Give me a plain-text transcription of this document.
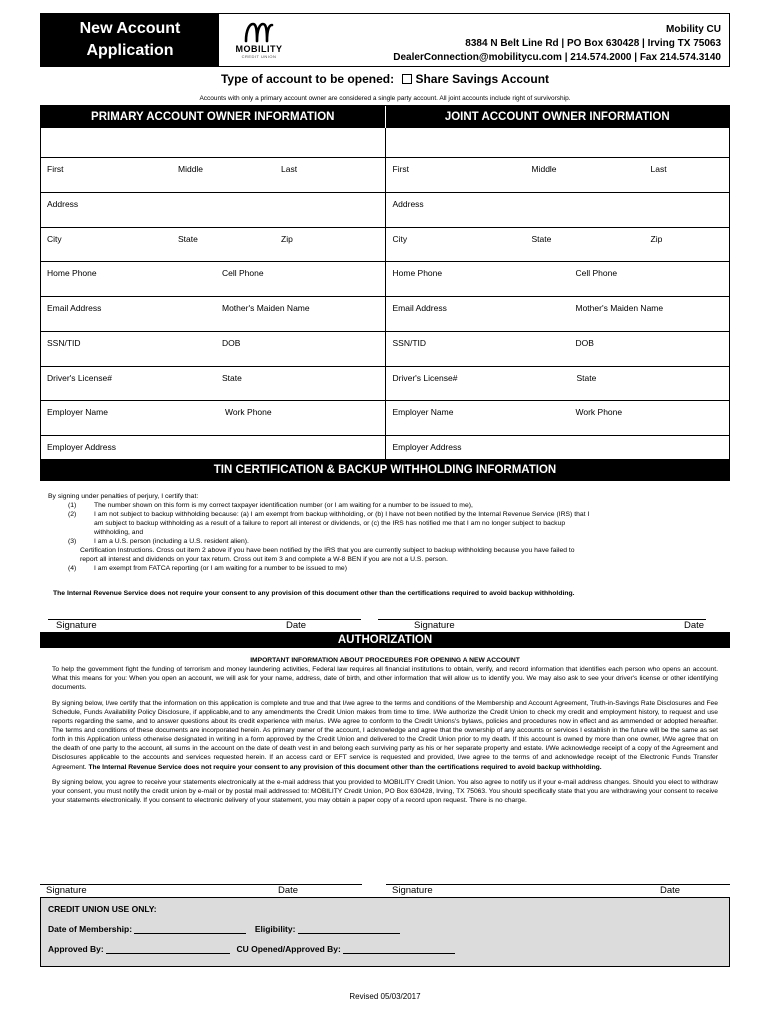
New Account
Application	MOBILITY
CREDIT UNION
Mobility CU
8384 N Belt Line Rd | PO Box 630428 | Irving TX 75063
DealerConnection@mobilitycu.com | 214.574.2000 | Fax 214.574.3140
Type of account to be opened: Share Savings Account
Accounts with only a primary account owner are considered a single party account. All joint accounts include right of survivorship.
PRIMARY ACCOUNT OWNER INFORMATION	JOINT ACCOUNT OWNER INFORMATION
First	Middle	Last
Address
City	State	Zip
Home Phone	Cell Phone
Email Address	Mother's Maiden Name
SSN/TID	DOB
Driver's License#	State
Employer Name	Work Phone
Employer Address
First	Middle	Last
Address
City	State	Zip
Home Phone	Cell Phone
Email Address	Mother's Maiden Name
SSN/TID	DOB
Driver's License#	State
Employer Name	Work Phone
Employer Address
TIN CERTIFICATION & BACKUP WITHHOLDING INFORMATION
By signing under penalties of perjury, I certify that:
(1)	The number shown on this form is my correct taxpayer identification number (or I am waiting for a number to be issued to me),
(2)	I am not subject to backup withholding because: (a) I am exempt from backup withholding, or (b) I have not been notified by the Internal Revenue Service (IRS) that I
am subject to backup withholding as a result of a failure to report all interest or dividends, or (c) the IRS has notified me that I am no longer subject to backup
withholding, and
(3)	I am a U.S. person (including a U.S. resident alien).
Certification Instructions. Cross out item 2 above if you have been notified by the IRS that you are currently subject to backup withholding because you have failed to
report all interest and dividends on your tax return. Cross out item 3 and complete a W-8 BEN if you are not a U.S. person.
(4)	I am exempt from FATCA reporting (or I am waiting for a number to be issued to me)
The Internal Revenue Service does not require your consent to any provision of this document other than the certifications required to avoid backup withholding.
Signature	Date	Signature	Date
AUTHORIZATION
IMPORTANT INFORMATION ABOUT PROCEDURES FOR OPENING A NEW ACCOUNT

To help the government fight the funding of terrorism and money laundering activities, Federal law requires all financial institutions to obtain, verify, and record information that identifies each person who opens an account. What this means for you: When you open an account, we will ask for your name, address, date of birth, and other information that will allow us to identify you. We may also ask to see your driver's license or other identifying documents.

By signing below, I/we certify that the information on this application is complete and true and that I/we agree to the terms and conditions of the Membership and Account Agreement, Truth-in-Savings Rate Disclosures and Fee Schedule, Funds Availability Policy Disclosure, if applicable,and to any amendments the Credit Union makes from time to time. I/We authorize the Credit Union to check my credit and employment history, to request and use reports regarding the same, and to answer questions about its credit experience with me/us. I/We agree to conform to the Credit Unions's bylaws, policies and procedures now in effect and as ammended or adopted hereafter. The terms and conditions of these documents are incorporated herein. As primary owner of the account, I acknowledge and agree that the ownership of any accounts or services I establish in the future will be the same as set forth in this Application unless otherwise designated in writing in a form approved by the Credit Union and delivered to the Credit Union prior to my death. If this account is owned by more than one owner, I/We agree that on the death of one party to the account, all sums in the account on the date of death vest in and belong each surviving party as his or her separate property and estate. I/We acknowledge receipt of a copy of the Agreement and Disclosures applicable to the accounts and services requested herein. If an access card or EFT service is requested and provided, I/we agree to the terms of and acknowledge receipt of the Electronic Funds Transfer Agreement. The Internal Revenue Service does not require your consent to any provision of this document other than the certifications required to avoid backup withholding.

By signing below, you agree to receive your statements electronically at the e-mail address that you provided to MOBILITY Credit Union. You also agree to notify us if your e-mail address changes. Should you elect to withdraw your consent, you must notify the credit union by e-mail or by postal mail addressed to: MOBILITY Credit Union, PO Box 630428, Irving, TX 75063. You should specifically state that you are withdrawing your consent to receive your statements electronically. If you consent to electronic delivery of your statement, you may obtain a paper copy of a record upon request. There is no charge.

Signature	Date	Signature	Date
CREDIT UNION USE ONLY:
Date of Membership:	Eligibility:
Approved By:	CU Opened/Approved By:
Revised 05/03/2017
